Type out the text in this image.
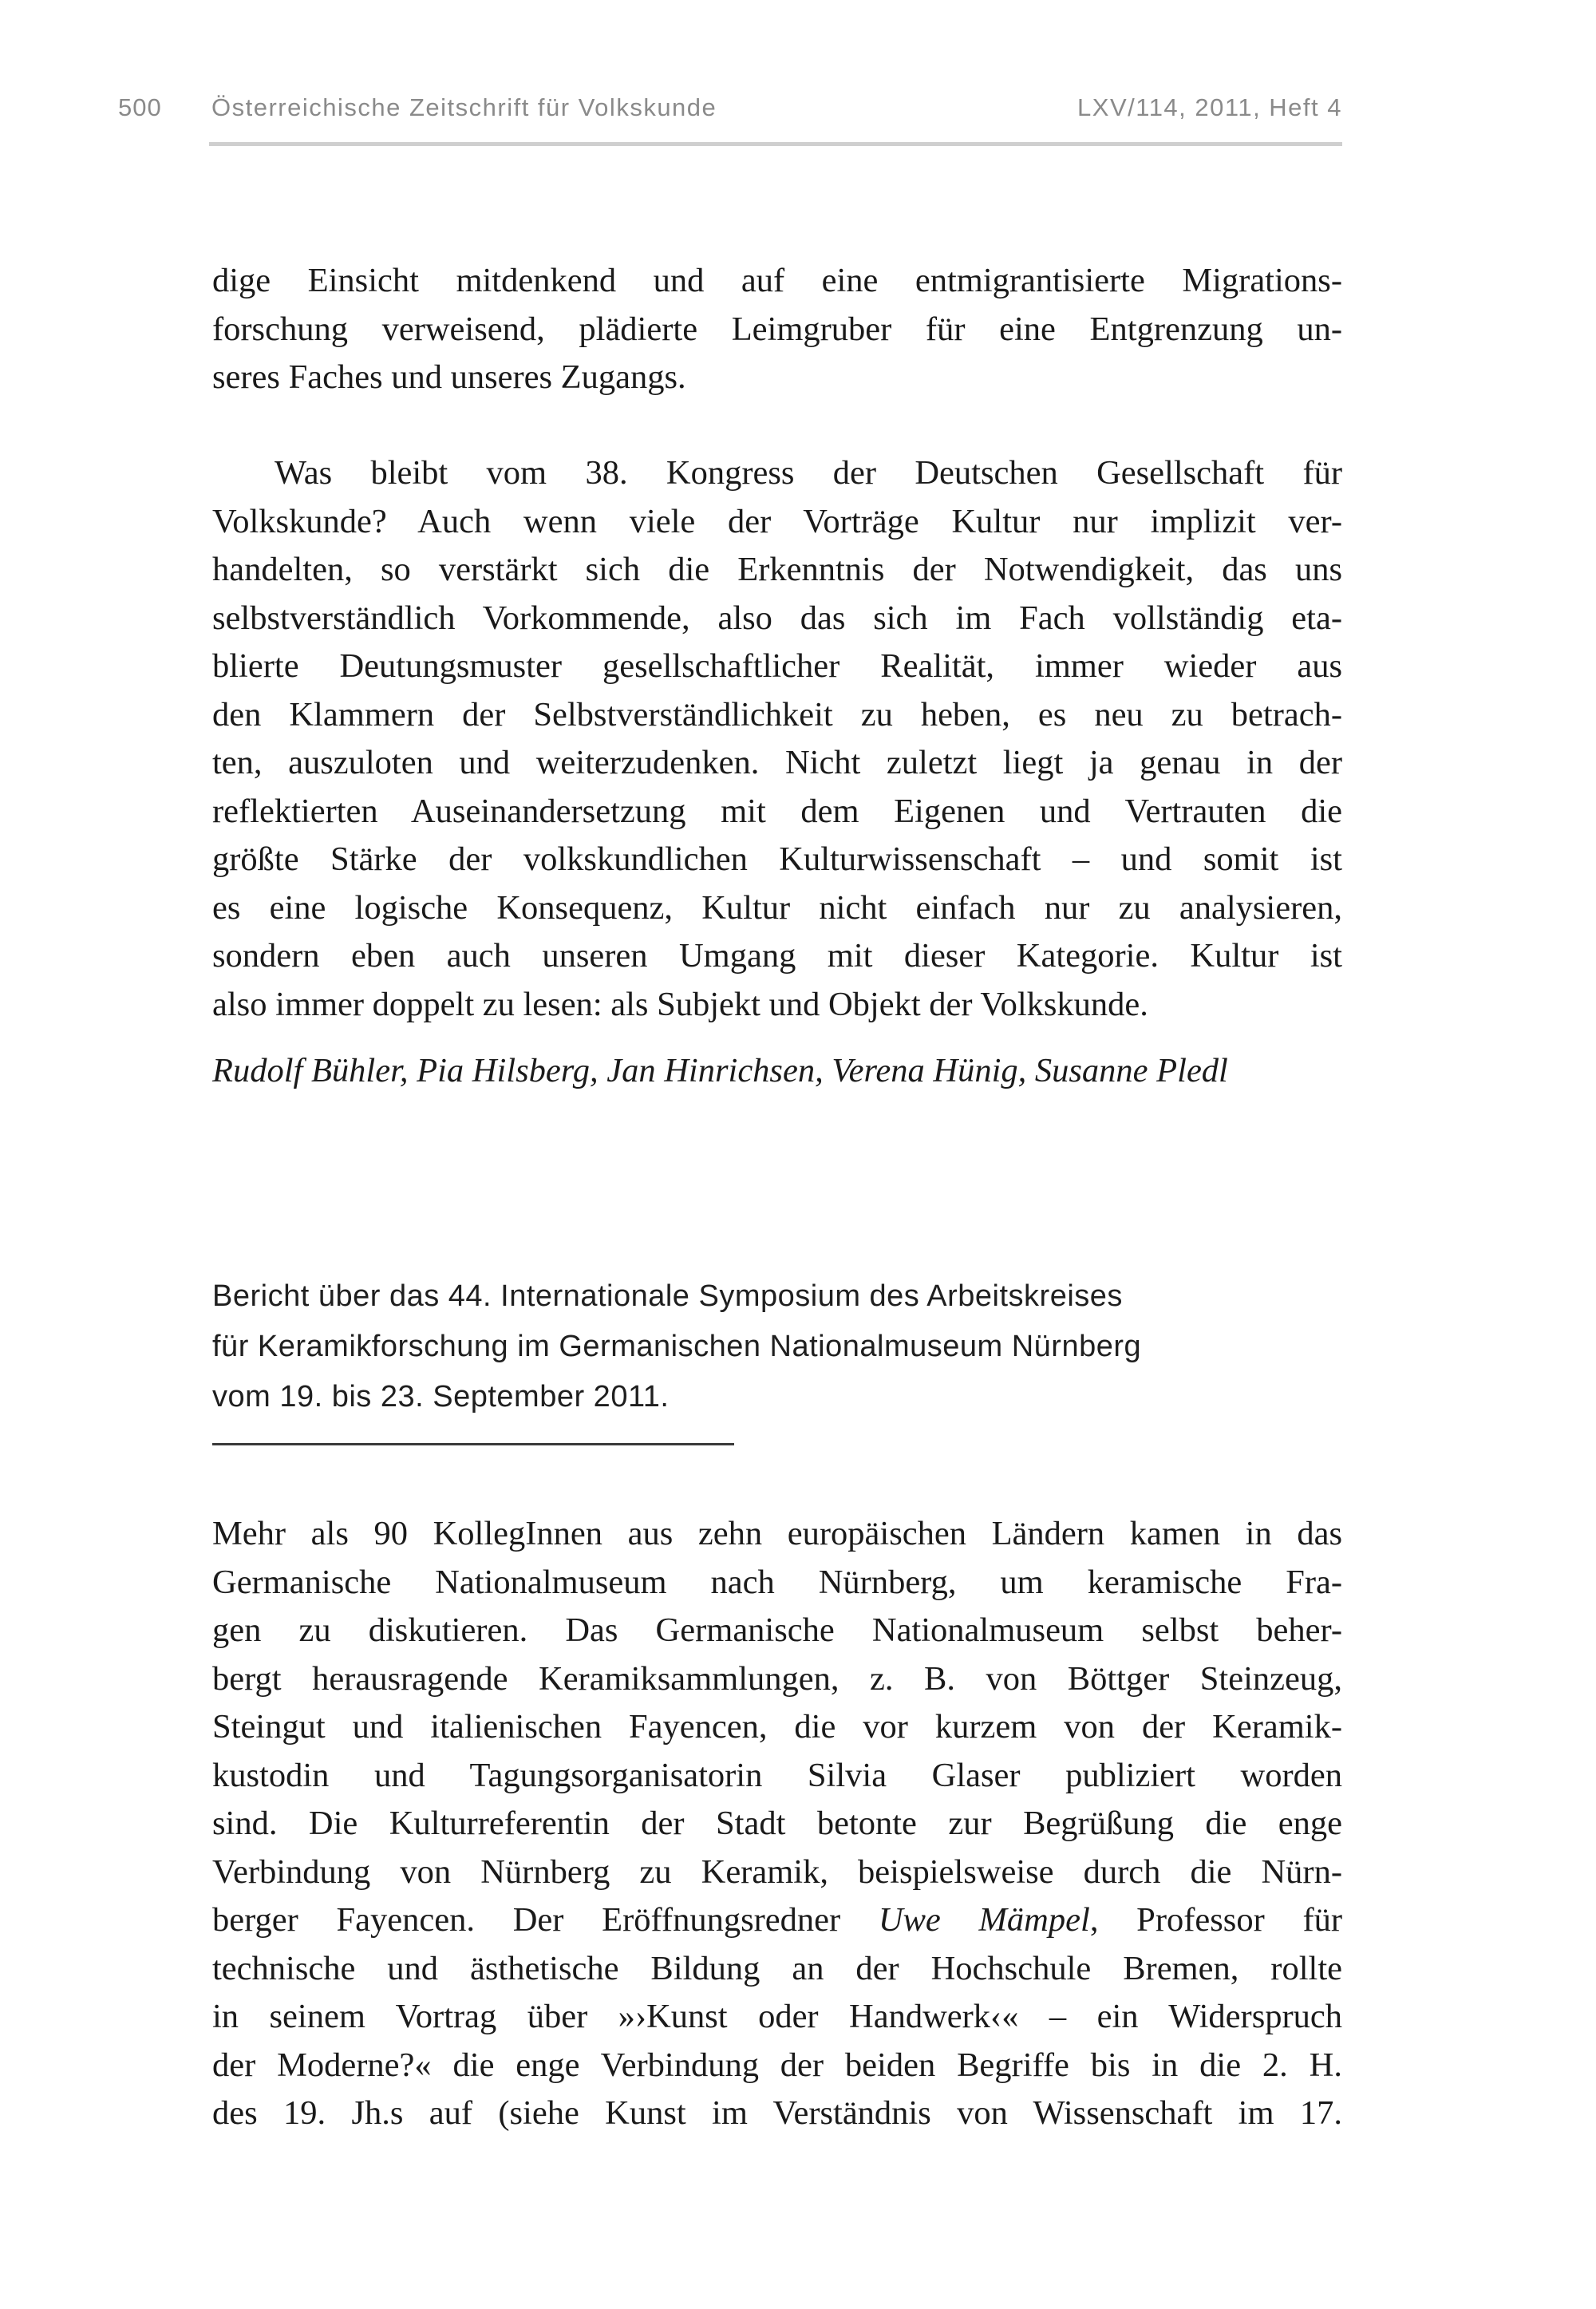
500 Österreichische Zeitschrift für Volkskunde	LXV/114, 2011, Heft 4
dige Einsicht mitdenkend und auf eine entmigrantisierte Migrations-
forschung verweisend, plädierte Leimgruber für eine Entgrenzung un-
seres Faches und unseres Zugangs.
Was bleibt vom 38. Kongress der Deutschen Gesellschaft für
Volkskunde? Auch wenn viele der Vorträge Kultur nur implizit ver-
handelten, so verstärkt sich die Erkenntnis der Notwendigkeit, das uns
selbstverständlich Vorkommende, also das sich im Fach vollständig eta-
blierte Deutungsmuster gesellschaftlicher Realität, immer wieder aus
den Klammern der Selbstverständlichkeit zu heben, es neu zu betrach-
ten, auszuloten und weiterzudenken. Nicht zuletzt liegt ja genau in der
reflektierten Auseinandersetzung mit dem Eigenen und Vertrauten die
größte Stärke der volkskundlichen Kulturwissenschaft – und somit ist
es eine logische Konsequenz, Kultur nicht einfach nur zu analysieren,
sondern eben auch unseren Umgang mit dieser Kategorie. Kultur ist
also immer doppelt zu lesen: als Subjekt und Objekt der Volkskunde.
Rudolf Bühler, Pia Hilsberg, Jan Hinrichsen, Verena Hünig, Susanne Pledl
Bericht über das 44. Internationale Symposium des Arbeitskreises
für Keramikforschung im Germanischen Nationalmuseum Nürnberg
vom 19. bis 23. September 2011.
Mehr als 90 KollegInnen aus zehn europäischen Ländern kamen in das
Germanische Nationalmuseum nach Nürnberg, um keramische Fra-
gen zu diskutieren. Das Germanische Nationalmuseum selbst beher-
bergt herausragende Keramiksammlungen, z. B. von Böttger Steinzeug,
Steingut und italienischen Fayencen, die vor kurzem von der Keramik-
kustodin und Tagungsorganisatorin Silvia Glaser publiziert worden
sind. Die Kulturreferentin der Stadt betonte zur Begrüßung die enge
Verbindung von Nürnberg zu Keramik, beispielsweise durch die Nürn-
berger Fayencen. Der Eröffnungsredner Uwe Mämpel, Professor für
technische und ästhetische Bildung an der Hochschule Bremen, rollte
in seinem Vortrag über »›Kunst oder Handwerk‹« – ein Widerspruch
der Moderne?« die enge Verbindung der beiden Begriffe bis in die 2. H.
des 19. Jh.s auf (siehe Kunst im Verständnis von Wissenschaft im 17.
